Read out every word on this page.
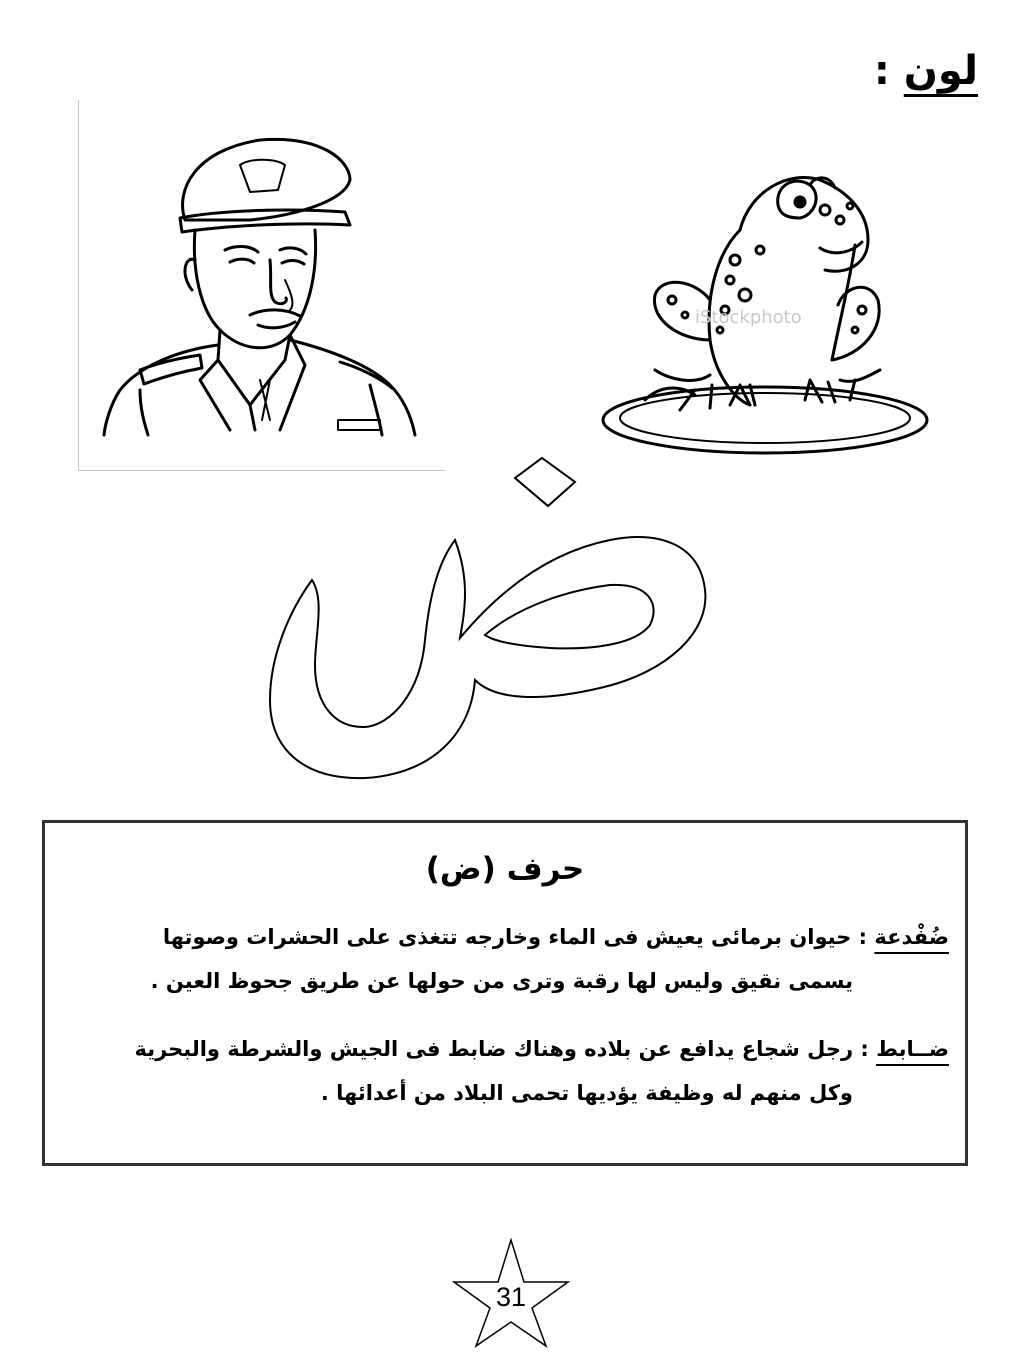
لون :
iStockphoto
حرف (ض)
ضُفْدعة : حيوان برمائى يعيش فى الماء وخارجه تتغذى على الحشرات وصوتها
يسمى نقيق وليس لها رقبة وترى من حولها عن طريق جحوظ العين .
ضــابط : رجل شجاع يدافع عن بلاده وهناك ضابط فى الجيش والشرطة والبحرية
وكل منهم له وظيفة يؤديها تحمى البلاد من أعدائها .
31
